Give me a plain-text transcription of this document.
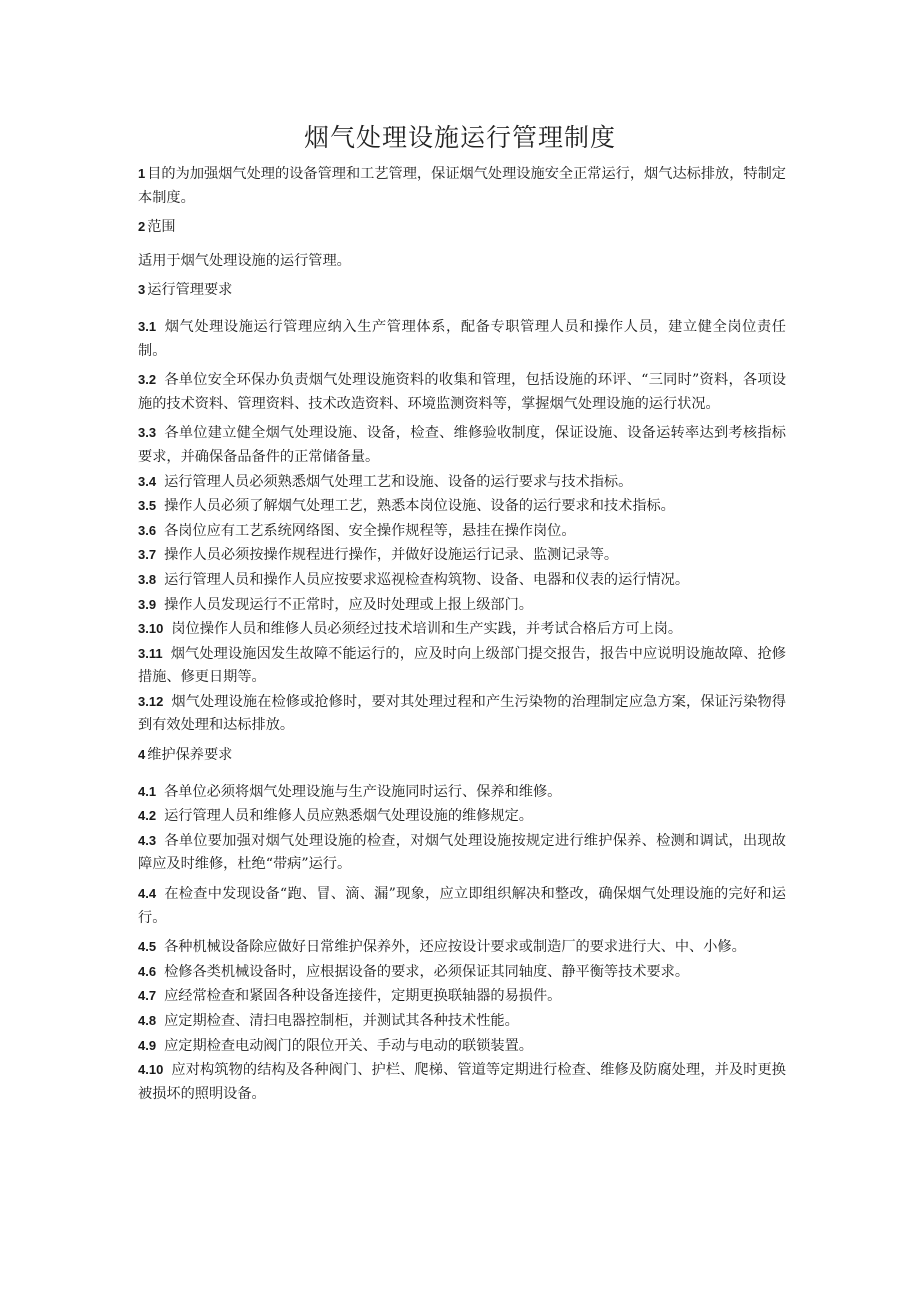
烟气处理设施运行管理制度

1 目的为加强烟气处理的设备管理和工艺管理，保证烟气处理设施安全正常运行，烟气达标排放，特制定本制度。

2 范围

适用于烟气处理设施的运行管理。

3 运行管理要求

3.1 烟气处理设施运行管理应纳入生产管理体系，配备专职管理人员和操作人员，建立健全岗位责任制。

3.2 各单位安全环保办负责烟气处理设施资料的收集和管理，包括设施的环评、“三同时”资料，各项设施的技术资料、管理资料、技术改造资料、环境监测资料等，掌握烟气处理设施的运行状况。

3.3 各单位建立健全烟气处理设施、设备，检查、维修验收制度，保证设施、设备运转率达到考核指标要求，并确保备品备件的正常储备量。

3.4 运行管理人员必须熟悉烟气处理工艺和设施、设备的运行要求与技术指标。

3.5 操作人员必须了解烟气处理工艺，熟悉本岗位设施、设备的运行要求和技术指标。

3.6 各岗位应有工艺系统网络图、安全操作规程等，悬挂在操作岗位。

3.7 操作人员必须按操作规程进行操作，并做好设施运行记录、监测记录等。

3.8 运行管理人员和操作人员应按要求巡视检查构筑物、设备、电器和仪表的运行情况。

3.9 操作人员发现运行不正常时，应及时处理或上报上级部门。

3.10 岗位操作人员和维修人员必须经过技术培训和生产实践，并考试合格后方可上岗。

3.11 烟气处理设施因发生故障不能运行的，应及时向上级部门提交报告，报告中应说明设施故障、抢修措施、修更日期等。

3.12 烟气处理设施在检修或抢修时，要对其处理过程和产生污染物的治理制定应急方案，保证污染物得到有效处理和达标排放。

4 维护保养要求

4.1 各单位必须将烟气处理设施与生产设施同时运行、保养和维修。

4.2 运行管理人员和维修人员应熟悉烟气处理设施的维修规定。

4.3 各单位要加强对烟气处理设施的检查，对烟气处理设施按规定进行维护保养、检测和调试，出现故障应及时维修，杜绝“带病”运行。

4.4 在检查中发现设备“跑、冒、滴、漏”现象，应立即组织解决和整改，确保烟气处理设施的完好和运行。

4.5 各种机械设备除应做好日常维护保养外，还应按设计要求或制造厂的要求进行大、中、小修。

4.6 检修各类机械设备时，应根据设备的要求，必须保证其同轴度、静平衡等技术要求。

4.7 应经常检查和紧固各种设备连接件，定期更换联轴器的易损件。

4.8 应定期检查、清扫电器控制柜，并测试其各种技术性能。

4.9 应定期检查电动阀门的限位开关、手动与电动的联锁装置。

4.10 应对构筑物的结构及各种阀门、护栏、爬梯、管道等定期进行检查、维修及防腐处理，并及时更换被损坏的照明设备。
